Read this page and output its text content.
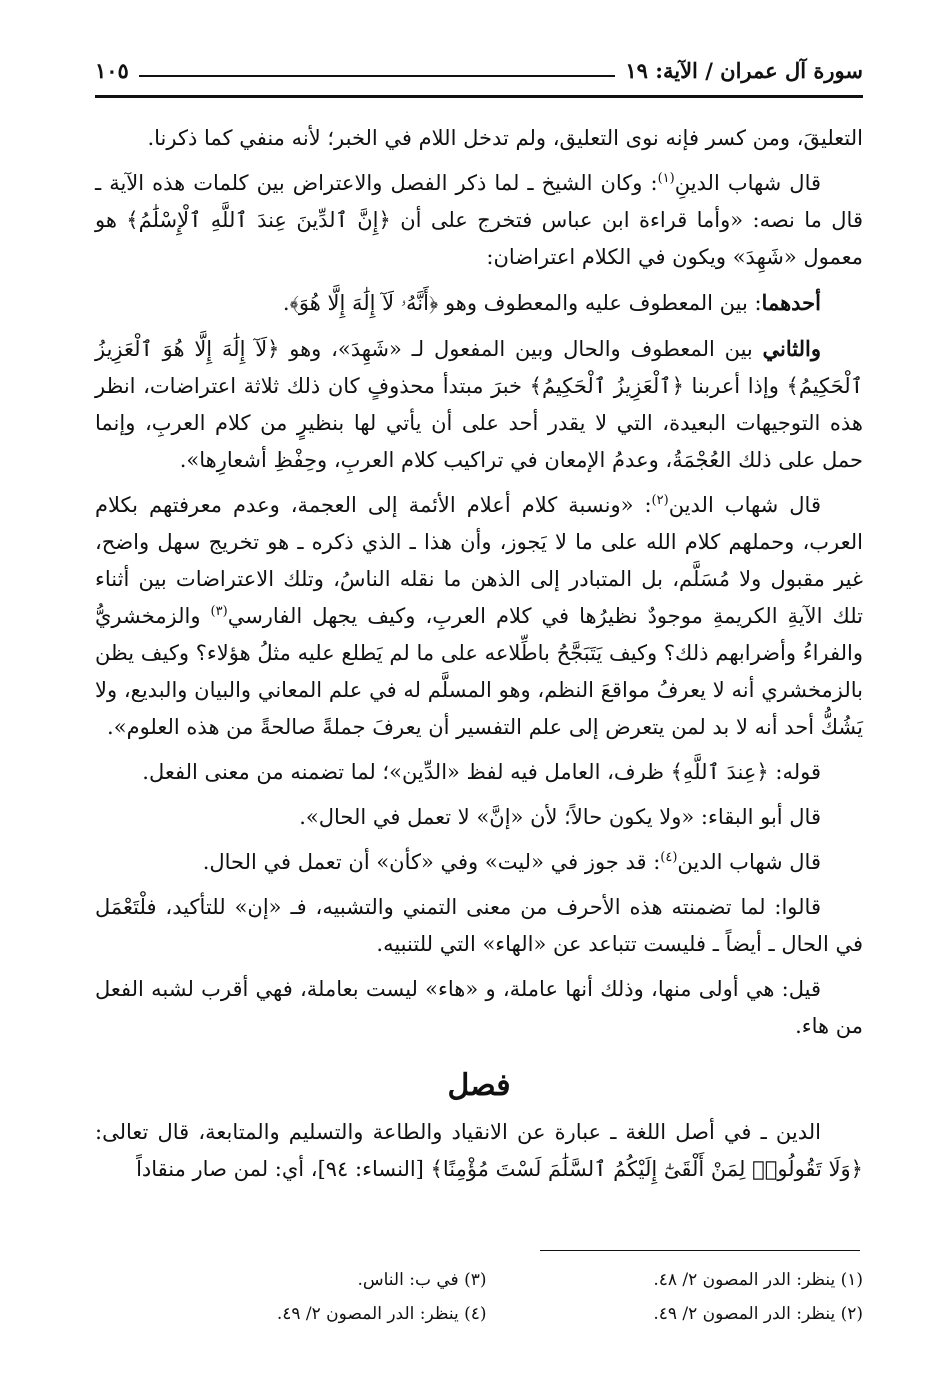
سورة آل عمران / الآية: ١٩
١٠٥

التعليقَ، ومن كسر فإنه نوى التعليق، ولم تدخل اللام في الخبر؛ لأنه منفي كما ذكرنا.

قال شهاب الدينِ$^{(١)}$: وكان الشيخ ـ لما ذكر الفصل والاعتراض بين كلمات هذه الآية ـ قال ما نصه: «وأما قراءة ابن عباس فتخرج على أن ﴿إِنَّ ٱلدِّينَ عِندَ ٱللَّهِ ٱلْإِسْلَٰمُ﴾ هو معمول «شَهِدَ» ويكون في الكلام اعتراضان:

أحدهما: بين المعطوف عليه والمعطوف وهو ﴿أَنَّهُۥ لَآ إِلَٰهَ إِلَّا هُوَ﴾.

والثاني بين المعطوف والحال وبين المفعول لـ «شَهِدَ»، وهو ﴿لَآ إِلَٰهَ إِلَّا هُوَ ٱلْعَزِيزُ ٱلْحَكِيمُ﴾ وإذا أعربنا ﴿ٱلْعَزِيزُ ٱلْحَكِيمُ﴾ خبرَ مبتدأ محذوفٍ كان ذلك ثلاثة اعتراضات، انظر هذه التوجيهات البعيدة، التي لا يقدر أحد على أن يأتي لها بنظيرٍ من كلام العربِ، وإنما حمل على ذلك العُجْمَةُ، وعدمُ الإمعان في تراكيب كلام العربِ، وحِفْظِ أشعارِها».

قال شهاب الدين$^{(٢)}$: «ونسبة كلام أعلام الأئمة إلى العجمة، وعدم معرفتهم بكلام العرب، وحملهم كلام الله على ما لا يَجوز، وأن هذا ـ الذي ذكره ـ هو تخريج سهل واضح، غير مقبول ولا مُسَلَّم، بل المتبادر إلى الذهن ما نقله الناسُ، وتلك الاعتراضات بين أثناء تلك الآيةِ الكريمةِ موجودٌ نظيرُها في كلام العربِ، وكيف يجهل الفارسي$^{(٣)}$ والزمخشريُّ والفراءُ وأضرابهم ذلك؟ وكيف يَتَبَجَّحُ باطِّلاعه على ما لم يَطلع عليه مثلُ هؤلاء؟ وكيف يظن بالزمخشري أنه لا يعرفُ مواقعَ النظم، وهو المسلَّم له في علم المعاني والبيان والبديع، ولا يَشُكُّ أحد أنه لا بد لمن يتعرض إلى علم التفسير أن يعرفَ جملةً صالحةً من هذه العلوم».

قوله: ﴿عِندَ ٱللَّهِ﴾ ظرف، العامل فيه لفظ «الدِّين»؛ لما تضمنه من معنى الفعل.

قال أبو البقاء: «ولا يكون حالاً؛ لأن «إنَّ» لا تعمل في الحال».

قال شهاب الدين$^{(٤)}$: قد جوز في «ليت» وفي «كأن» أن تعمل في الحال.

قالوا: لما تضمنته هذه الأحرف من معنى التمني والتشبيه، فـ «إن» للتأكيد، فلْتَعْمَل في الحال ـ أيضاً ـ فليست تتباعد عن «الهاء» التي للتنبيه.

قيل: هي أولى منها، وذلك أنها عاملة، و «هاء» ليست بعاملة، فهي أقرب لشبه الفعل من هاء.

فصل

الدين ـ في أصل اللغة ـ عبارة عن الانقياد والطاعة والتسليم والمتابعة، قال تعالى: ﴿وَلَا تَقُولُوا۟ لِمَنْ أَلْقَىٰٓ إِلَيْكُمُ ٱلسَّلَٰمَ لَسْتَ مُؤْمِنًا﴾ [النساء: ٩٤]، أي: لمن صار منقاداً

(١) ينظر: الدر المصون ٢/ ٤٨.
(٣) في ب: الناس.
(٢) ينظر: الدر المصون ٢/ ٤٩.
(٤) ينظر: الدر المصون ٢/ ٤٩.
